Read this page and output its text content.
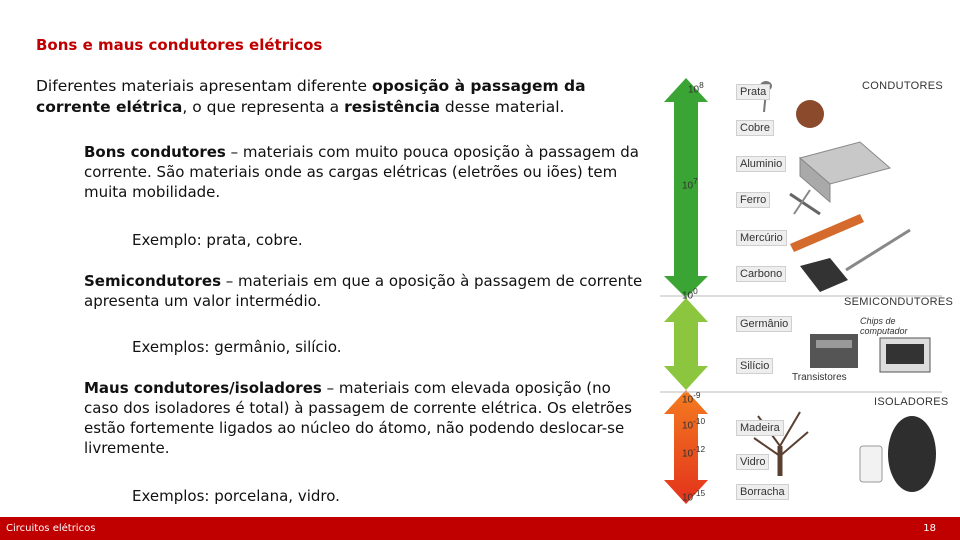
Bons e maus condutores elétricos
Diferentes materiais apresentam diferente oposição à passagem da corrente elétrica, o que representa a resistência desse material.
Bons condutores – materiais com muito pouca oposição à passagem da corrente. São materiais onde as cargas elétricas (eletrões ou iões) tem muita mobilidade.
Exemplo: prata, cobre.
Semicondutores – materiais em que a oposição à passagem de corrente apresenta um valor intermédio.
Exemplos: germânio, silício.
Maus condutores/isoladores – materiais com elevada oposição (no caso dos isoladores é total) à passagem de corrente elétrica. Os eletrões estão fortemente ligados ao núcleo do átomo, não podendo deslocar-se livremente.
Exemplos: porcelana, vidro.
$10^8$
$10^7$
$10^0$
$10^{-9}$
$10^{-10}$
$10^{-12}$
$10^{-15}$
CONDUTORES
SEMICONDUTORES
ISOLADORES
Chips de computador
Transistores
Prata
Cobre
Aluminio
Ferro
Mercúrio
Carbono
Germânio
Silício
Madeira
Vidro
Borracha
Circuitos elétricos	18
